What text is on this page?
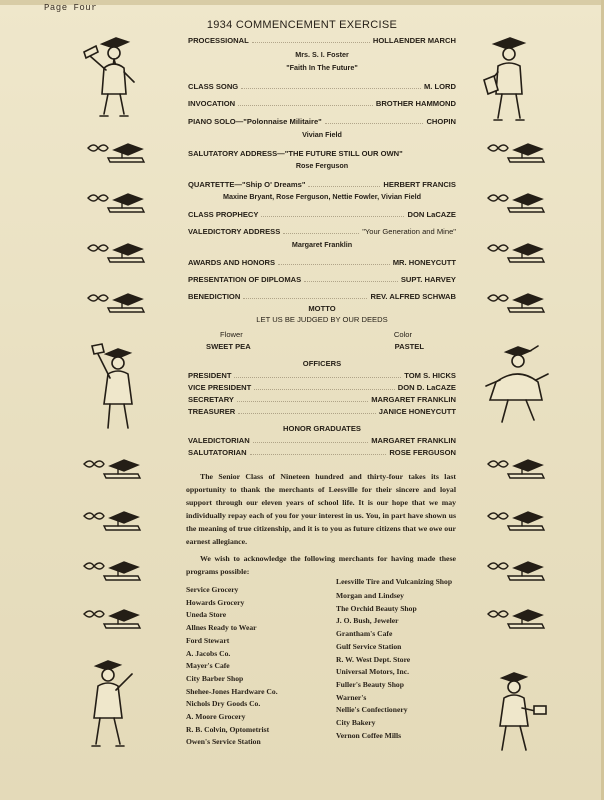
Page Four
1934 COMMENCEMENT EXERCISE
PROCESSIONAL	HOLLAENDER MARCH
Mrs. S. I. Foster
"Faith In The Future"
CLASS SONG	M. LORD
INVOCATION	BROTHER HAMMOND
PIANO SOLO—"Polonnaise Militaire"	CHOPIN
Vivian Field
SALUTATORY ADDRESS—"THE FUTURE STILL OUR OWN"
Rose Ferguson
QUARTETTE—"Ship O' Dreams"	HERBERT FRANCIS
Maxine Bryant, Rose Ferguson, Nettie Fowler, Vivian Field
CLASS PROPHECY	DON LaCAZE
VALEDICTORY ADDRESS	"Your Generation and Mine"
Margaret Franklin
AWARDS AND HONORS	MR. HONEYCUTT
PRESENTATION OF DIPLOMAS	SUPT. HARVEY
BENEDICTION	REV. ALFRED SCHWAB
MOTTO
LET US BE JUDGED BY OUR DEEDS
Flower	Color
SWEET PEA	PASTEL
OFFICERS
PRESIDENT	TOM S. HICKS
VICE PRESIDENT	DON D. LaCAZE
SECRETARY	MARGARET FRANKLIN
TREASURER	JANICE HONEYCUTT
HONOR GRADUATES
VALEDICTORIAN	MARGARET FRANKLIN
SALUTATORIAN	ROSE FERGUSON
The Senior Class of Nineteen hundred and thirty-four takes its last opportunity to thank the merchants of Leesville for their sincere and loyal support through our eleven years of school life. It is our hope that we may individually repay each of you for your interest in us. You, in part have shown us the meaning of true citizenship, and it is to you as future citizens that we owe our earnest allegiance.
We wish to acknowledge the following merchants for having made these programs possible:
Service Grocery
Howards Grocery
Uneda Store
Allnes Ready to Wear
Ford Stewart
A. Jacobs Co.
Mayer's Cafe
City Barber Shop
Shehee-Jones Hardware Co.
Nichols Dry Goods Co.
A. Moore Grocery
R. B. Colvin, Optometrist
Owen's Service Station
Leesville Tire and Vulcanizing Shop
Morgan and Lindsey
The Orchid Beauty Shop
J. O. Bush, Jeweler
Grantham's Cafe
Gulf Service Station
R. W. West Dept. Store
Universal Motors, Inc.
Fuller's Beauty Shop
Warner's
Nellie's Confectionery
City Bakery
Vernon Coffee Mills
